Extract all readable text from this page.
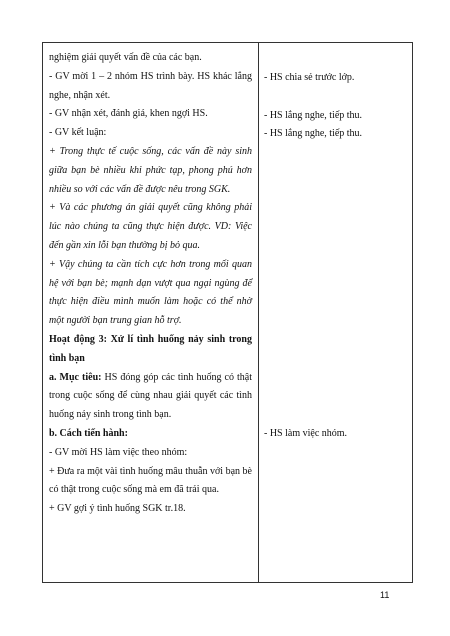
nghiệm giải quyết vấn đề của các bạn.

- GV mời 1 – 2 nhóm HS trình bày. HS khác lắng nghe, nhận xét.

- GV nhận xét, đánh giá, khen ngợi HS.

- GV kết luận:

+ Trong thực tế cuộc sống, các vấn đề này sinh giữa bạn bè nhiều khi phức tạp, phong phú hơn nhiều so với các vấn đề được nêu trong SGK.

+ Và các phương án giải quyết cũng không phải lúc nào chúng ta cũng thực hiện được. VD: Việc đến gần xin lỗi bạn thường bị bỏ qua.

+ Vậy chúng ta cần tích cực hơn trong mối quan hệ với bạn bè; mạnh dạn vượt qua ngại ngùng để thực hiện điều mình muốn làm hoặc có thể nhờ một người bạn trung gian hỗ trợ.

Hoạt động 3: Xử lí tình huống nảy sinh trong tình bạn

a. Mục tiêu: HS đóng góp các tình huống có thật trong cuộc sống để cùng nhau giải quyết các tình huống nảy sinh trong tình bạn.

b. Cách tiến hành:

- GV mời HS làm việc theo nhóm:

+ Đưa ra một vài tình huống mâu thuẫn với bạn bè có thật trong cuộc sống mà em đã trải qua.

+ GV gợi ý tình huống SGK tr.18.

- HS chia sẻ trước lớp.
- HS lắng nghe, tiếp thu.
- HS lắng nghe, tiếp thu.
- HS làm việc nhóm.
11
